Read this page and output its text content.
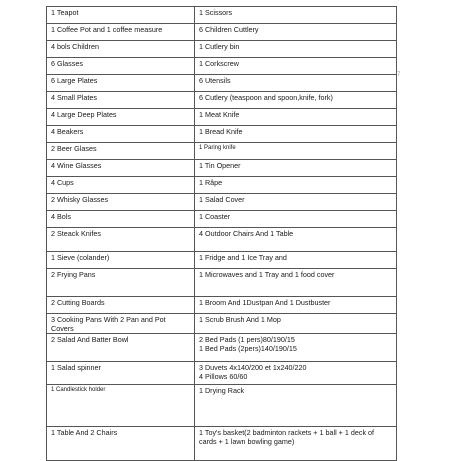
1 Teapot	1 Scissors
1 Coffee Pot and 1 coffee measure	6 Children Cuttlery
4 bols Children	1 Cutlery bin
6 Glasses	1 Corkscrew
6 Large Plates	6 Utensils
4 Small Plates	6 Cutlery (teaspoon and spoon,knife, fork)
4 Large Deep Plates	1 Meat Knife
4 Beakers	1 Bread Knife
2 Beer Glases	1 Paring knife
4 Wine Glasses	1 Tin Opener
4 Cups	1 Râpe
2 Whisky Glasses	1 Salad Cover
4 Bols	1 Coaster
2 Steack Knifes	4 Outdoor Chairs And 1 Table
1 Sieve (colander)	1 Fridge and 1 Ice Tray and
2 Frying Pans	1 Microwaves and 1 Tray and 1 food cover
2 Cutting Boards	1 Broom And 1Dustpan And 1 Dustbuster
3 Cooking Pans With 2 Pan and Pot Covers	1 Scrub Brush And 1 Mop
2 Salad And Batter Bowl	2 Bed Pads (1 pers)80/190/15
1 Bed Pads (2pers)140/190/15
1 Salad spinner	3 Duvets 4x140/200 et 1x240/220
4 Pillows 60/60
1 Candlestick holder	1 Drying Rack
1 Table And 2 Chairs	1 Toy's basket(2 badminton rackets + 1 ball + 1 deck of cards + 1 lawn bowling game)
7
